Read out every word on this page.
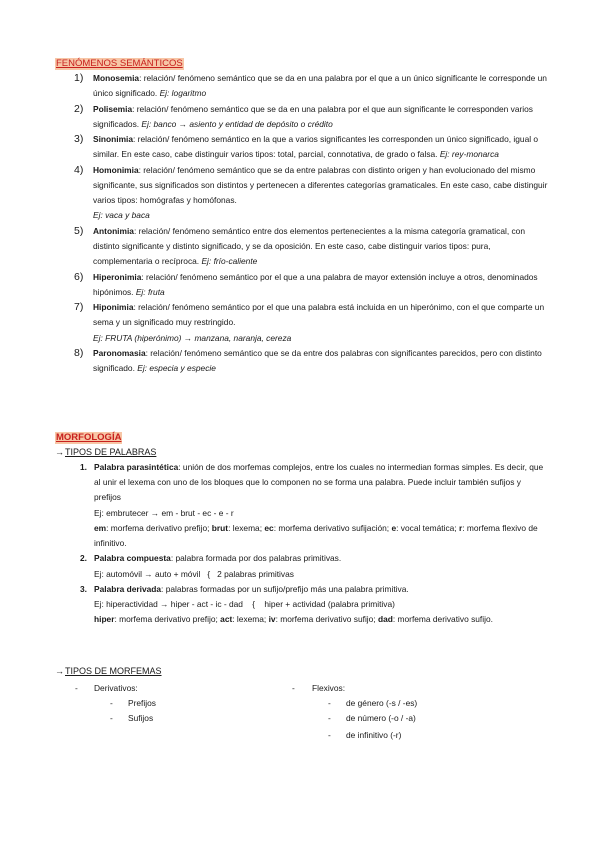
FENÓMENOS SEMÁNTICOS
1) Monosemia: relación/ fenómeno semántico que se da en una palabra por el que a un único significante le corresponde un único significado. Ej: logaritmo
2) Polisemia: relación/ fenómeno semántico que se da en una palabra por el que aun significante le corresponden varios significados. Ej: banco → asiento y entidad de depósito o crédito
3) Sinonimia: relación/ fenómeno semántico en la que a varios significantes les corresponden un único significado, igual o similar. En este caso, cabe distinguir varios tipos: total, parcial, connotativa, de grado o falsa. Ej: rey-monarca
4) Homonimia: relación/ fenómeno semántico que se da entre palabras con distinto origen y han evolucionado del mismo significante, sus significados son distintos y pertenecen a diferentes categorías gramaticales. En este caso, cabe distinguir varios tipos: homógrafas y homófonas.
Ej: vaca y baca
5) Antonimia: relación/ fenómeno semántico entre dos elementos pertenecientes a la misma categoría gramatical, con distinto significante y distinto significado, y se da oposición. En este caso, cabe distinguir varios tipos: pura, complementaria o recíproca. Ej: frío-caliente
6) Hiperonimia: relación/ fenómeno semántico por el que a una palabra de mayor extensión incluye a otros, denominados hipónimos. Ej: fruta
7) Hiponimia: relación/ fenómeno semántico por el que una palabra está incluida en un hiperónimo, con el que comparte un sema y un significado muy restringido.
Ej: FRUTA (hiperónimo) → manzana, naranja, cereza
8) Paronomasia: relación/ fenómeno semántico que se da entre dos palabras con significantes parecidos, pero con distinto significado. Ej: especia y especie
MORFOLOGÍA
→TIPOS DE PALABRAS
1. Palabra parasintética: unión de dos morfemas complejos, entre los cuales no intermedian formas simples. Es decir, que al unir el lexema con uno de los bloques que lo componen no se forma una palabra. Puede incluir también sufijos y prefijos
Ej: embrutecer → em - brut - ec - e - r
em: morfema derivativo prefijo; brut: lexema; ec: morfema derivativo sufijación; e: vocal temática; r: morfema flexivo de infinitivo.
2. Palabra compuesta: palabra formada por dos palabras primitivas.
Ej: automóvil → auto + móvil   {   2 palabras primitivas
3. Palabra derivada: palabras formadas por un sufijo/prefijo más una palabra primitiva.
Ej: hiperactividad → hiper - act - ic - dad    {    hiper + actividad (palabra primitiva)
hiper: morfema derivativo prefijo; act: lexema; iv: morfema derivativo sufijo; dad: morfema derivativo sufijo.
→TIPOS DE MORFEMAS
- Derivativos:
- Prefijos
- Sufijos
- Flexivos:
- de género (-s / -es)
- de número (-o / -a)
- de infinitivo (-r)
